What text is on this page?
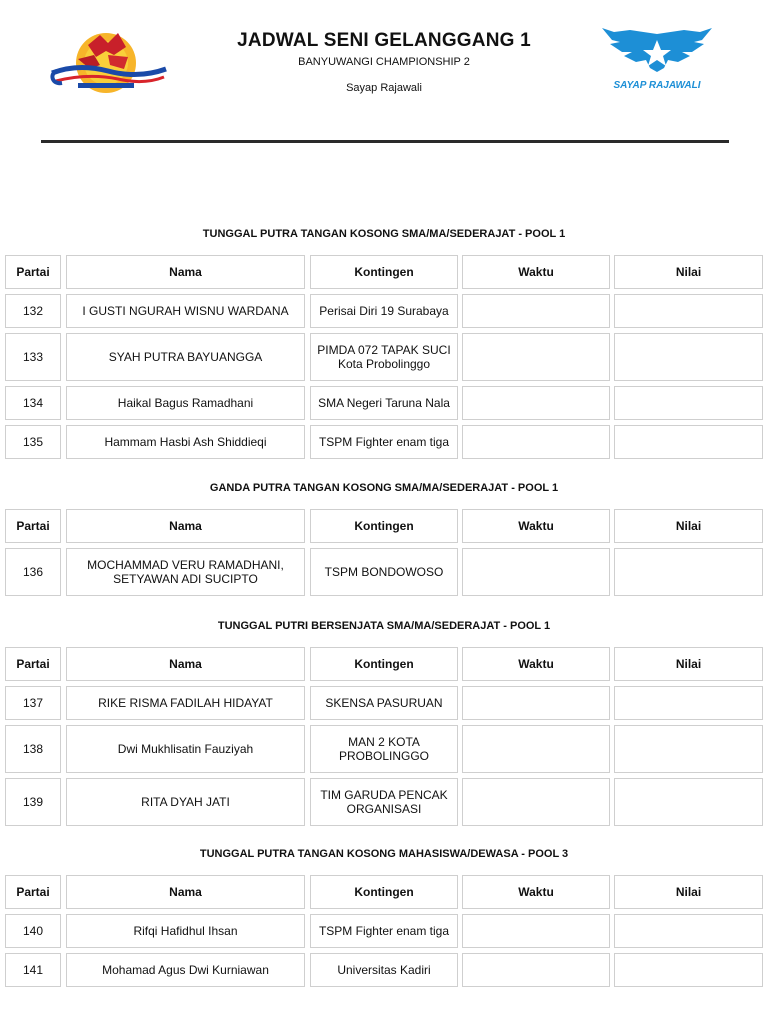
JADWAL SENI GELANGGANG 1
BANYUWANGI CHAMPIONSHIP 2
Sayap Rajawali	SAYAP RAJAWALI
TUNGGAL PUTRA TANGAN KOSONG SMA/MA/SEDERAJAT - POOL 1
Partai	Nama	Kontingen	Waktu	Nilai
132	I GUSTI NGURAH WISNU WARDANA	Perisai Diri 19 Surabaya
133	SYAH PUTRA BAYUANGGA	PIMDA 072 TAPAK SUCI Kota Probolinggo
134	Haikal Bagus Ramadhani	SMA Negeri Taruna Nala
135	Hammam Hasbi Ash Shiddieqi	TSPM Fighter enam tiga
GANDA PUTRA TANGAN KOSONG SMA/MA/SEDERAJAT - POOL 1
Partai	Nama	Kontingen	Waktu	Nilai
136	MOCHAMMAD VERU RAMADHANI, SETYAWAN ADI SUCIPTO	TSPM BONDOWOSO
TUNGGAL PUTRI BERSENJATA SMA/MA/SEDERAJAT - POOL 1
Partai	Nama	Kontingen	Waktu	Nilai
137	RIKE RISMA FADILAH HIDAYAT	SKENSA PASURUAN
138	Dwi Mukhlisatin Fauziyah	MAN 2 KOTA PROBOLINGGO
139	RITA DYAH JATI	TIM GARUDA PENCAK ORGANISASI
TUNGGAL PUTRA TANGAN KOSONG MAHASISWA/DEWASA - POOL 3
Partai	Nama	Kontingen	Waktu	Nilai
140	Rifqi Hafidhul Ihsan	TSPM Fighter enam tiga
141	Mohamad Agus Dwi Kurniawan	Universitas Kadiri
